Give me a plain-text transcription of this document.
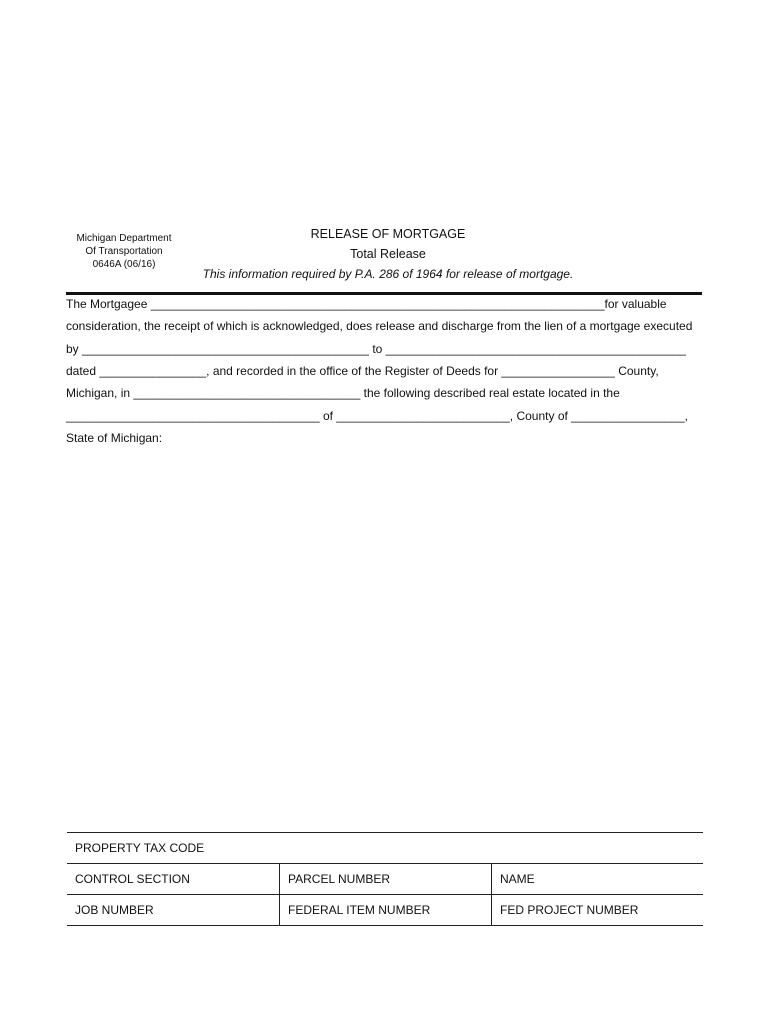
Michigan Department
Of Transportation
0646A (06/16)
RELEASE OF MORTGAGE
Total Release
This information required by P.A. 286 of 1964 for release of mortgage.
The Mortgagee ____________________________________________________________________for valuable
consideration, the receipt of which is acknowledged, does release and discharge from the lien of a mortgage executed
by ___________________________________________ to _____________________________________________
dated ________________, and recorded in the office of the Register of Deeds for _________________ County,
Michigan, in __________________________________ the following described real estate located in the
______________________________________ of __________________________, County of _________________,
State of Michigan:
PROPERTY TAX CODE		
CONTROL SECTION	PARCEL NUMBER	NAME
JOB NUMBER	FEDERAL ITEM NUMBER	FED PROJECT NUMBER
